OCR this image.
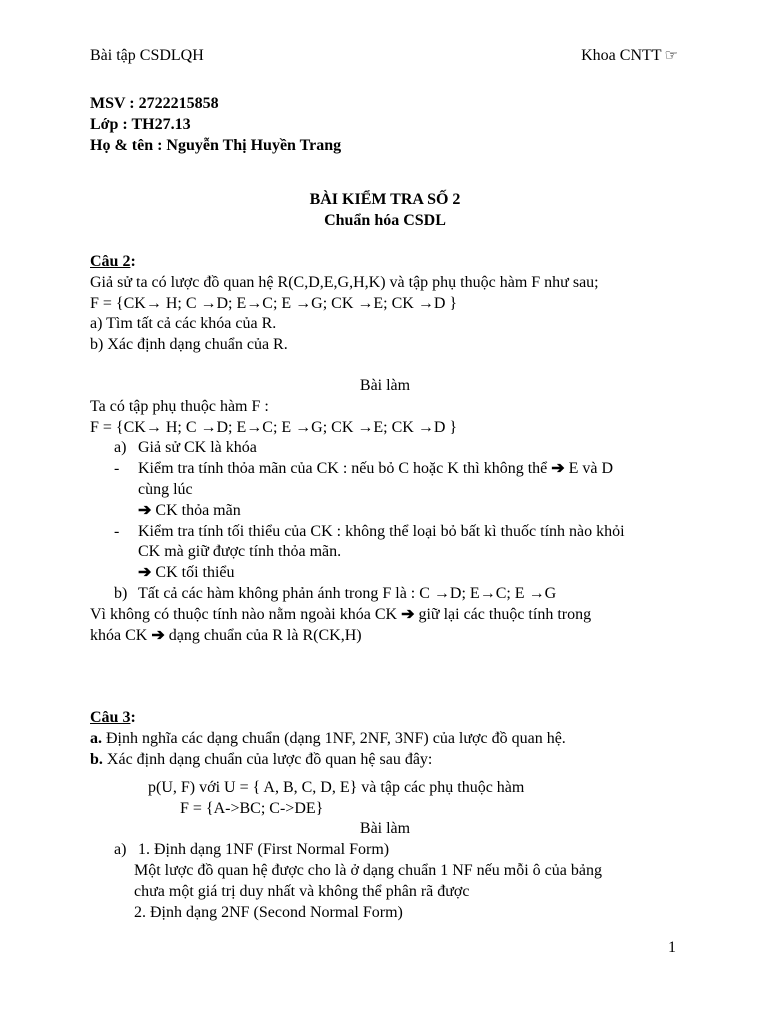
Bài tập CSDLQH	Khoa CNTT ☞

MSV : 2722215858

Lớp : TH27.13

Họ & tên : Nguyễn Thị Huyền Trang

BÀI KIỂM TRA SỐ 2

Chuẩn hóa CSDL

Câu 2:

Giả sử ta có lược đồ quan hệ R(C,D,E,G,H,K) và tập phụ thuộc hàm F như sau;

F = {CK→ H; C →D; E→C; E →G; CK →E; CK →D }

a) Tìm tất cả các khóa của R.

b) Xác định dạng chuẩn của R.

Bài làm

Ta có tập phụ thuộc hàm F :

F = {CK→ H; C →D; E→C; E →G; CK →E; CK →D }

a) Giả sử CK là khóa

- Kiểm tra tính thỏa mãn của CK : nếu bỏ C hoặc K thì không thể ➔ E và D

cùng lúc

➔ CK thỏa mãn

- Kiểm tra tính tối thiểu của CK : không thể loại bỏ bất kì thuốc tính nào khỏi

CK mà giữ được tính thỏa mãn.

➔ CK tối thiểu

b) Tất cả các hàm không phản ánh trong F là : C →D; E→C; E →G

Vì không có thuộc tính nào nằm ngoài khóa CK ➔ giữ lại các thuộc tính trong

khóa CK ➔ dạng chuẩn của R là R(CK,H)

Câu 3:

a. Định nghĩa các dạng chuẩn (dạng 1NF, 2NF, 3NF) của lược đồ quan hệ.

b. Xác định dạng chuẩn của lược đồ quan hệ sau đây:

p(U, F) với U = { A, B, C, D, E} và tập các phụ thuộc hàm

F = {A->BC; C->DE}

Bài làm

a) 1. Định dạng 1NF (First Normal Form)

Một lược đồ quan hệ được cho là ở dạng chuẩn 1 NF nếu mỗi ô của bảng

chưa một giá trị duy nhất và không thể phân rã được

2. Định dạng 2NF (Second Normal Form)

1
